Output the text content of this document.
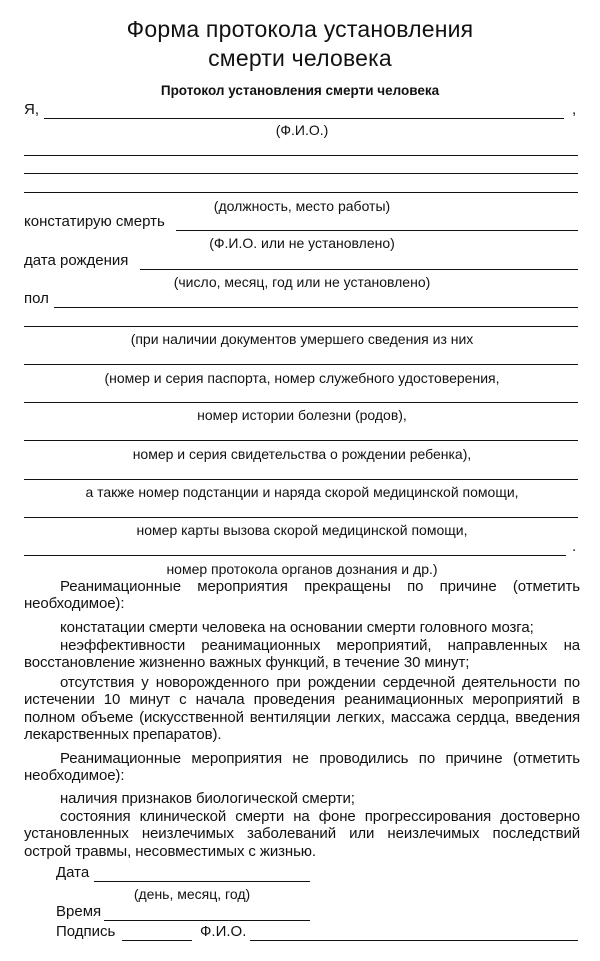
Форма протокола установления
смерти человека
Протокол установления смерти человека
Я,	,
(Ф.И.О.)
(должность, место работы)
констатирую смерть
(Ф.И.О. или не установлено)
дата рождения
(число, месяц, год или не установлено)
пол
(при наличии документов умершего сведения из них
(номер и серия паспорта, номер служебного удостоверения,
номер истории болезни (родов),
номер и серия свидетельства о рождении ребенка),
а также номер подстанции и наряда скорой медицинской помощи,
номер карты вызова скорой медицинской помощи,
.
номер протокола органов дознания и др.)
Реанимационные мероприятия прекращены по причине (отметить необходимое):
констатации смерти человека на основании смерти головного мозга;
неэффективности реанимационных мероприятий, направленных на восстановление жизненно важных функций, в течение 30 минут;
отсутствия у новорожденного при рождении сердечной деятельности по истечении 10 минут с начала проведения реанимационных мероприятий в полном объеме (искусственной вентиляции легких, массажа сердца, введения лекарственных препаратов).
Реанимационные мероприятия не проводились по причине (отметить необходимое):
наличия признаков биологической смерти;
состояния клинической смерти на фоне прогрессирования достоверно установленных неизлечимых заболеваний или неизлечимых последствий острой травмы, несовместимых с жизнью.
Дата
(день, месяц, год)
Время
Подпись	Ф.И.О.
